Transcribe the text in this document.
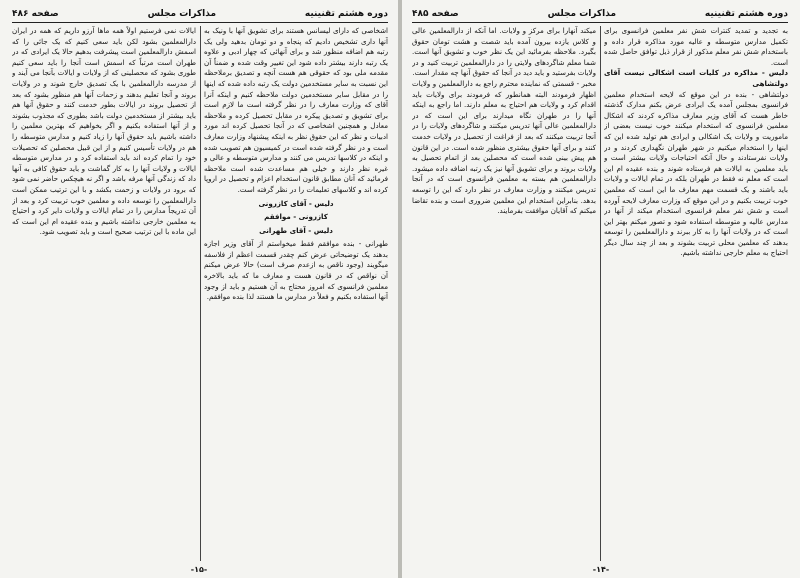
دوره هشتم تقنینیه
مذاکرات مجلس
صفحه ۴۸۶

اشخاصی که دارای لیسانس هستند برای تشویق آنها با ونیک به آنها داری تشخیص دادیم که پنجاه و دو تومان بدهید ولی یک رتبه هم اضافه منظور شد و برای آنهائی که چهار ادبی و علاوه یک رتبه دارند بیشتر داده شود این تغییر وقت شده و ضمناً آن مقدمه ملی بود که حقوقی هم هست آنچه و تصدیق برملاحظه این نسبت به سایر مستخدمین دولت یک رتبه داده شده که اینها را در مقابل سایر مستخدمین دولت ملاحظه کنیم و اینکه آنرا آقای که وزارت معارف را در نظر گرفته است ما لازم است برای تشویق و تصدیق پیکره در مقابل تحصیل کرده و ملاحظه معادل و همچنین اشخاصی که در آنجا تحصیل کرده اند مورد ادبیات و نظر که این حقوق نظر به اینکه پیشنهاد وزارت معارف است و در نظر گرفته شده است در کمیسیون هم تصویب شده و اینکه در کلاسها تدریس می کنند و مدارس متوسطه و عالی و غیره نظر دارند و خیلی هم مساعدت شده است ملاحظه فرمائید که آنان مطابق قانون استخدام اعزام و تحصیل در اروپا کرده اند و کلاسهای تعلیمات را در نظر گرفته است.

دلیس - آقای کازرونی

کازرونی - موافقم

دلیس - آقای طهرانی

طهرانی - بنده موافقم فقط میخواستم از آقای وزیر اجازه بدهند یک توضیحاتی عرض کنم چقدر قسمت اعظم از فلاسفه میگویند (وجود ناقص به ازعدم صرف است) حالا عرض میکنم آن نواقص که در قانون هست و معارف ما که باید بالاخره معلمین فرانسوی که امروز محتاج به آن هستیم و باید از وجود آنها استفاده بکنیم و فعلاً در مدارس ما هستند لذا بنده موافقم.

ایالات نمی فرستیم اولاً همه ماها آرزو داریم که همه در ایران دارالمعلمین بشود لکن باید سعی کنیم که یک جائی را که اسمش دارالمعلمین است پیشرفت بدهیم حالا یک ایرادی که در طهران است مرتباً که اسمش است آنجا را باید سعی کنیم طوری بشود که محصلینی که از ولایات و ایالات بآنجا می آیند و از مدرسه دارالمعلمین با یک تصدیق خارج شوند و در ولایات بروند و آنجا تعلیم بدهند و زحمات آنها هم منظور بشود که بعد از تحصیل بروند در ایالات بطور خدمت کنند و حقوق آنها هم باید بیشتر از مستخدمین دولت باشد بطوری که مجذوب بشوند و از آنها استفاده بکنیم و اگر بخواهیم که بهترین معلمین را داشته باشیم باید حقوق آنها را زیاد کنیم و مدارس متوسطه را هم در ولایات تأسیس کنیم و از این قبیل محصلین که تحصیلات خود را تمام کرده اند باید استفاده کرد و در مدارس متوسطه ایالات و ولایات آنها را به کار گماشت و باید حقوق کافی به آنها داد که زندگی آنها مرفه باشد و اگر نه هیچکس حاضر نمی شود که برود در ولایات و زحمت بکشد و با این ترتیب ممکن است دارالمعلمین را توسعه داده و معلمین خوب تربیت کرد و بعد از آن تدریجاً مدارس را در تمام ایالات و ولایات دایر کرد و احتیاج به معلمین خارجی نداشته باشیم و بنده عقیده ام این است که این ماده با این ترتیب صحیح است و باید تصویب شود.

-۱۵-
دوره هشتم تقنینیه
مذاکرات مجلس
صفحه ۴۸۵

به تجدید و تمدید کنترات شش نفر معلمین فرانسوی برای تکمیل مدارس متوسطه و عالیه مورد مذاکره قرار داده و باستخدام شش نفر معلم مذکور از قرار ذیل توافق حاصل شده است.

دلیس - مذاکره در کلیات است اشکالی نیست آقای دولتشاهی

دولتشاهی - بنده در این موقع که لایحه استخدام معلمین فرانسوی بمجلس آمده یک ایرادی عرض بکنم مدارک گذشته خاطر هست که آقای وزیر معارف مذاکره کردند که اشکال معلمین فرانسوی که استخدام میکنند خوب نیست بعضی از ماموریت و ولایات یک اشکالی و ایرادی هم تولید شده این که اینها را استخدام میکنیم در شهر طهران نگهداری کردند و در ولایات نفرستادند و حال آنکه احتیاجات ولایات بیشتر است و باید معلمین به ایالات هم فرستاده شوند و بنده عقیده ام این است که معلم نه فقط در طهران بلکه در تمام ایالات و ولایات باید باشند و یک قسمت مهم معارف ما این است که معلمین خوب تربیت بکنیم و در این موقع که وزارت معارف لایحه آورده است و شش نفر معلم فرانسوی استخدام میکند از آنها در مدارس عالیه و متوسطه استفاده شود و تصور میکنم بهتر این است که در ولایات آنها را به کار ببرند و دارالمعلمین را توسعه بدهند که معلمین محلی تربیت بشوند و بعد از چند سال دیگر احتیاج به معلم خارجی نداشته باشیم.

میکند آنهارا برای مرکز و ولایات. اما آنکه از دارالمعلمین عالی و کلاس یازده بیرون آمده باید شصت و هشت تومان حقوق بگیرد. ملاحظه بفرمائید این یک نظر خوب و تشویق آنها است. شما معلم شاگردهای ولایتی را در دارالمعلمین تربیت کنید و در ولایات بفرستید و باید دید در آنجا که حقوق آنها چه مقدار است.

مخبر - قسمتی که نماینده محترم راجع به دارالمعلمین و ولایات اظهار فرمودند البته همانطور که فرمودند برای ولایات باید اقدام کرد و ولایات هم احتیاج به معلم دارند. اما راجع به اینکه آنها را در طهران نگاه میدارند برای این است که در دارالمعلمین عالی آنها تدریس میکنند و شاگردهای ولایات را در آنجا تربیت میکنند که بعد از فراغت از تحصیل در ولایات خدمت کنند و برای آنها حقوق بیشتری منظور شده است. در این قانون هم پیش بینی شده است که محصلین بعد از اتمام تحصیل به ولایات بروند و برای تشویق آنها نیز یک رتبه اضافه داده میشود. دارالمعلمین هم بسته به معلمین فرانسوی است که در آنجا تدریس میکنند و وزارت معارف در نظر دارد که این را توسعه بدهد. بنابراین استخدام این معلمین ضروری است و بنده تقاضا میکنم که آقایان موافقت بفرمایند.

-۱۴-
